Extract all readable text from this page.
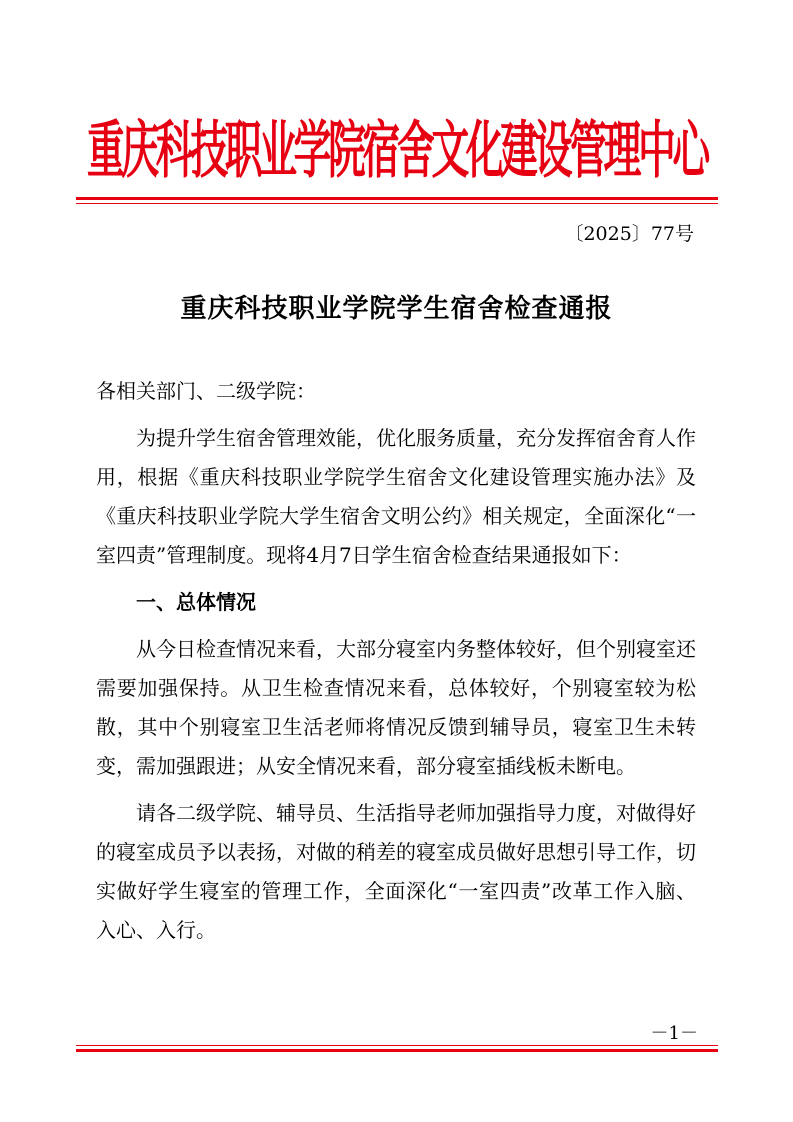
重庆科技职业学院宿舍文化建设管理中心
〔2025〕77号
重庆科技职业学院学生宿舍检查通报

各相关部门、二级学院：

为提升学生宿舍管理效能，优化服务质量，充分发挥宿舍育人作用，根据《重庆科技职业学院学生宿舍文化建设管理实施办法》及《重庆科技职业学院大学生宿舍文明公约》相关规定，全面深化“一室四责”管理制度。现将4月7日学生宿舍检查结果通报如下：

一、总体情况

从今日检查情况来看，大部分寝室内务整体较好，但个别寝室还需要加强保持。从卫生检查情况来看，总体较好，个别寝室较为松散，其中个别寝室卫生活老师将情况反馈到辅导员，寝室卫生未转变，需加强跟进；从安全情况来看，部分寝室插线板未断电。

请各二级学院、辅导员、生活指导老师加强指导力度，对做得好的寝室成员予以表扬，对做的稍差的寝室成员做好思想引导工作，切实做好学生寝室的管理工作，全面深化“一室四责”改革工作入脑、入心、入行。

－1－
